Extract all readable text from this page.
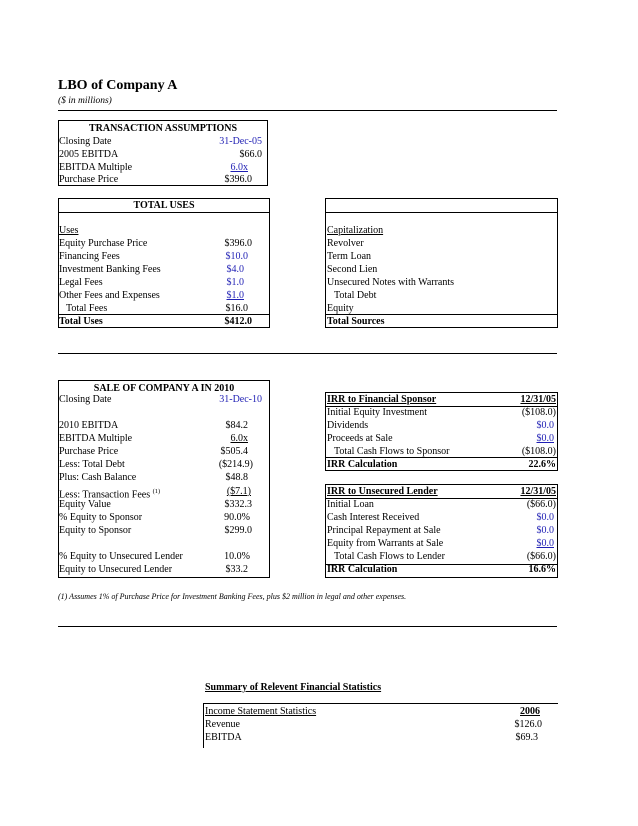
LBO of Company A
($ in millions)
TRANSACTION ASSUMPTIONS
Closing Date	31-Dec-05
2005 EBITDA	$66.0
EBITDA Multiple	6.0x
Purchase Price	$396.0
TOTAL USES
Uses
Equity Purchase Price	$396.0
Financing Fees	$10.0
Investment Banking Fees	$4.0
Legal Fees	$1.0
Other Fees and Expenses	$1.0
Total Fees	$16.0
Total Uses	$412.0
Capitalization
Revolver
Term Loan
Second Lien
Unsecured Notes with Warrants
Total Debt
Equity
Total Sources
SALE OF COMPANY A IN 2010
Closing Date	31-Dec-10
2010 EBITDA	$84.2
EBITDA Multiple	6.0x
Purchase Price	$505.4
Less: Total Debt	($214.9)
Plus: Cash Balance	$48.8
Less: Transaction Fees $^{(1)}$	($7.1)
Equity Value	$332.3
% Equity to Sponsor	90.0%
Equity to Sponsor	$299.0
% Equity to Unsecured Lender	10.0%
Equity to Unsecured Lender	$33.2
IRR to Financial Sponsor	12/31/05
Initial Equity Investment	($108.0)
Dividends	$0.0
Proceeds at Sale	$0.0
Total Cash Flows to Sponsor	($108.0)
IRR Calculation	22.6%
IRR to Unsecured Lender	12/31/05
Initial Loan	($66.0)
Cash Interest Received	$0.0
Principal Repayment at Sale	$0.0
Equity from Warrants at Sale	$0.0
Total Cash Flows to Lender	($66.0)
IRR Calculation	16.6%
(1) Assumes 1% of Purchase Price for Investment Banking Fees, plus $2 million in legal and other expenses.
Summary of Relevent Financial Statistics
Income Statement Statistics	2006
Revenue	$126.0
EBITDA	$69.3
